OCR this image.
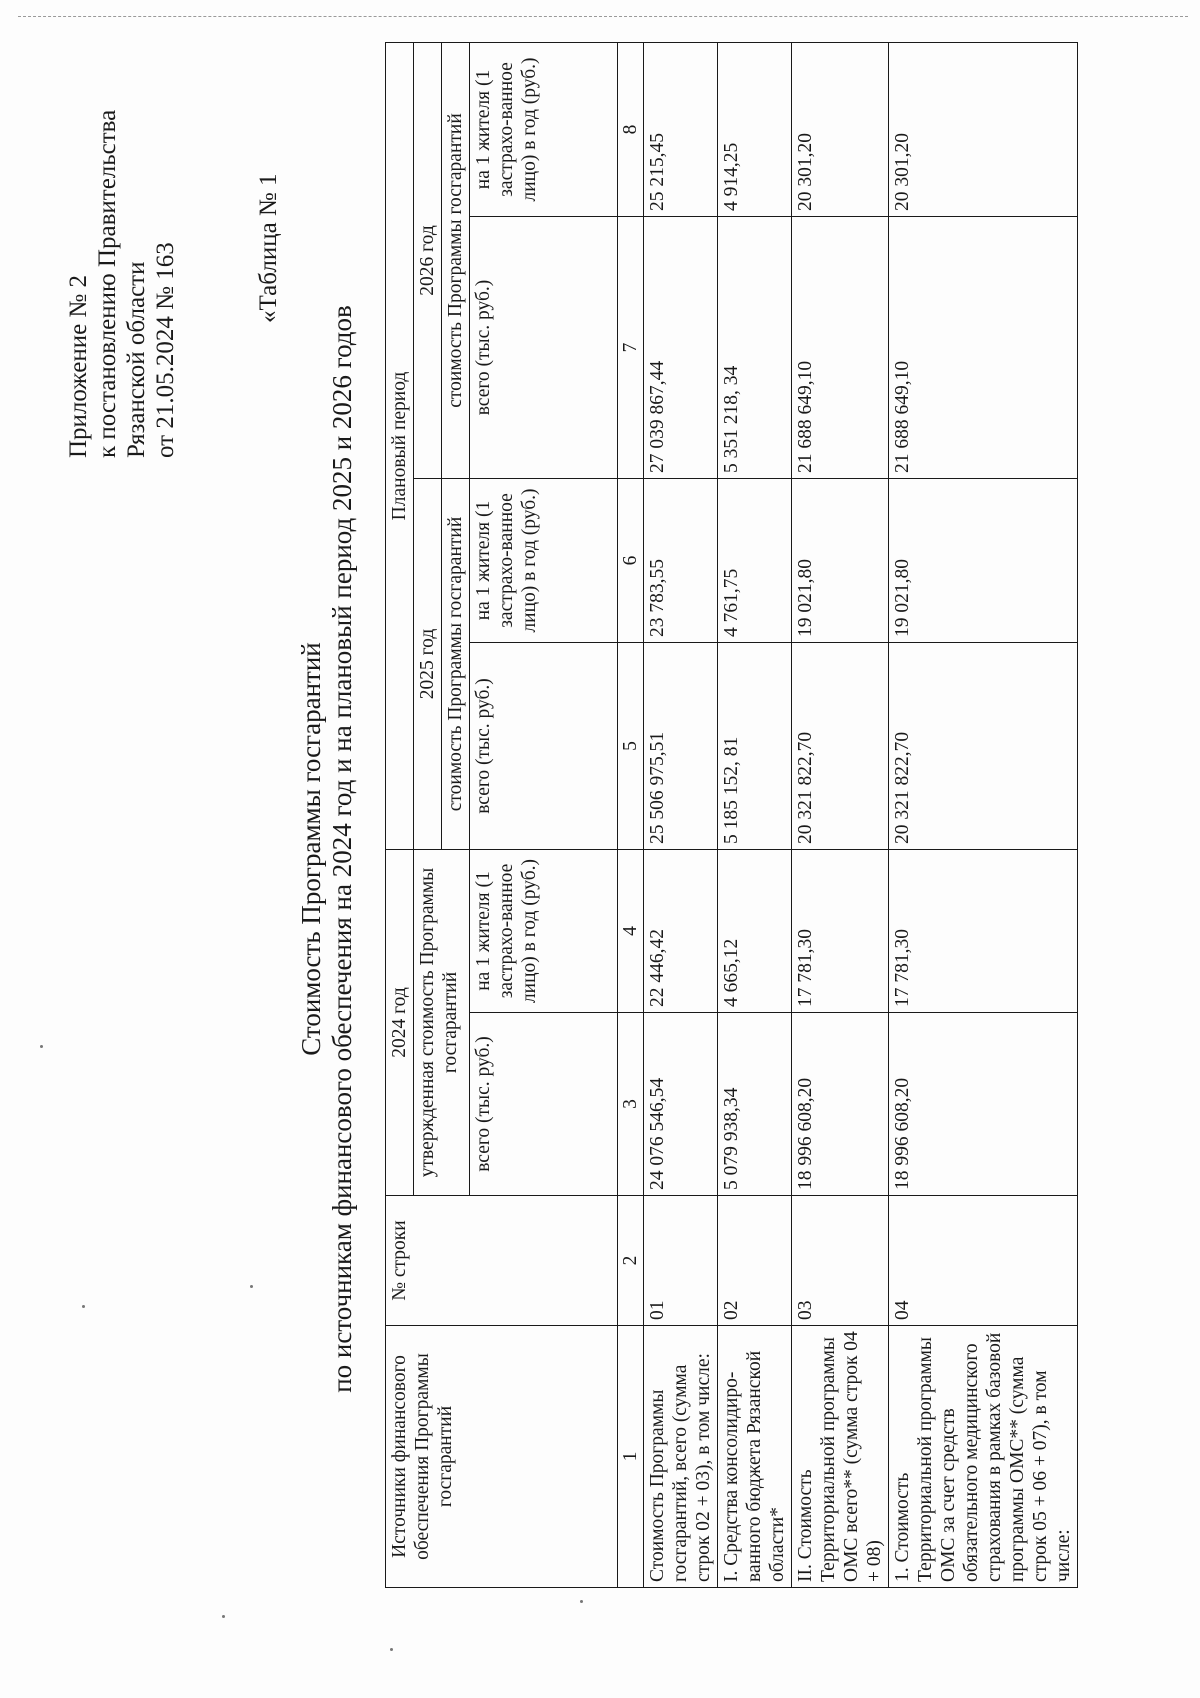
Приложение № 2 к постановлению Правительства Рязанской области от 21.05.2024 № 163	«Таблица № 1
Стоимость Программы госгарантий по источникам финансового обеспечения на 2024 год и на плановый период 2025 и 2026 годов
Источники финансового обеспечения Программы госгарантий	№ строки	2024 год		Плановый период			
		утвержденная стоимость Программы госгарантий		2025 год		2026 год	
				стоимость Программы госгарантий		стоимость Программы госгарантий	
		всего (тыс. руб.)	на 1 жителя (1 застрахо-ванное лицо) в год (руб.)	всего (тыс. руб.)	на 1 жителя (1 застрахо-ванное лицо) в год (руб.)	всего (тыс. руб.)	на 1 жителя (1 застрахо-ванное лицо) в год (руб.)
1	2	3	4	5	6	7	8
Стоимость Программы госгарантий, всего (сумма строк 02 + 03), в том числе:	01	24 076 546,54	22 446,42	25 506 975,51	23 783,55	27 039 867,44	25 215,45
I. Средства консолидиро-ванного бюджета Рязанской области*	02	5 079 938,34	4 665,12	5 185 152, 81	4 761,75	5 351 218, 34	4 914,25
II. Стоимость Территориальной программы ОМС всего** (сумма строк 04 + 08)	03	18 996 608,20	17 781,30	20 321 822,70	19 021,80	21 688 649,10	20 301,20
1. Стоимость Территориальной программы ОМС за счет средств обязательного медицинского страхования в рамках базовой программы ОМС** (сумма строк 05 + 06 + 07), в том числе:	04	18 996 608,20	17 781,30	20 321 822,70	19 021,80	21 688 649,10	20 301,20
